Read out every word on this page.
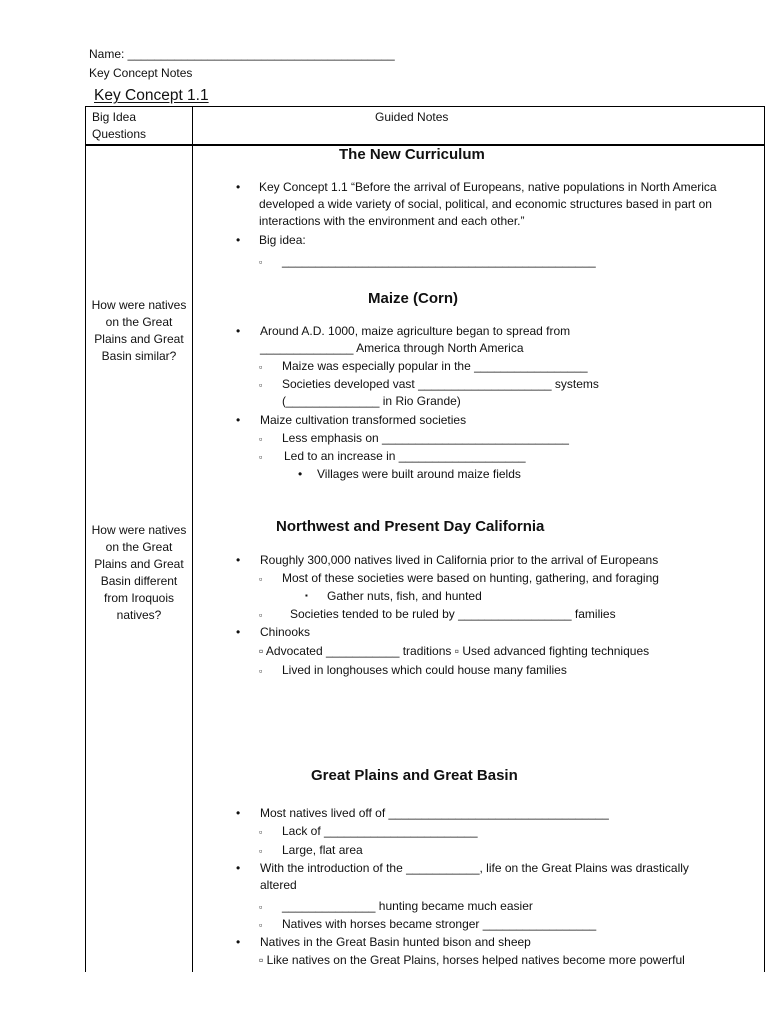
Name: ________________________________________
Key Concept Notes
Key Concept 1.1
Big Idea
Questions
Guided Notes
How were natives
on the Great
Plains and Great
Basin similar?
How were natives
on the Great
Plains and Great
Basin different
from Iroquois
natives?
The New Curriculum
• Key Concept 1.1 “Before the arrival of Europeans, native populations in North America
developed a wide variety of social, political, and economic structures based in part on
interactions with the environment and each other.”
• Big idea:
▫ _______________________________________________
Maize (Corn)
• Around A.D. 1000, maize agriculture began to spread from
______________ America through North America
▫ Maize was especially popular in the _________________
▫ Societies developed vast ____________________ systems
(______________ in Rio Grande)
• Maize cultivation transformed societies
▫ Less emphasis on ____________________________
▫ Led to an increase in ___________________
• Villages were built around maize fields
Northwest and Present Day California
• Roughly 300,000 natives lived in California prior to the arrival of Europeans
▫ Most of these societies were based on hunting, gathering, and foraging
▪ Gather nuts, fish, and hunted
▫ Societies tended to be ruled by _________________ families
• Chinooks
▫ Advocated ___________ traditions ▫ Used advanced fighting techniques
▫ Lived in longhouses which could house many families
Great Plains and Great Basin
• Most natives lived off of _________________________________
▫ Lack of _______________________
▫ Large, flat area
• With the introduction of the ___________, life on the Great Plains was drastically
altered
▫ ______________ hunting became much easier
▫ Natives with horses became stronger _________________
• Natives in the Great Basin hunted bison and sheep
▫ Like natives on the Great Plains, horses helped natives become more powerful
